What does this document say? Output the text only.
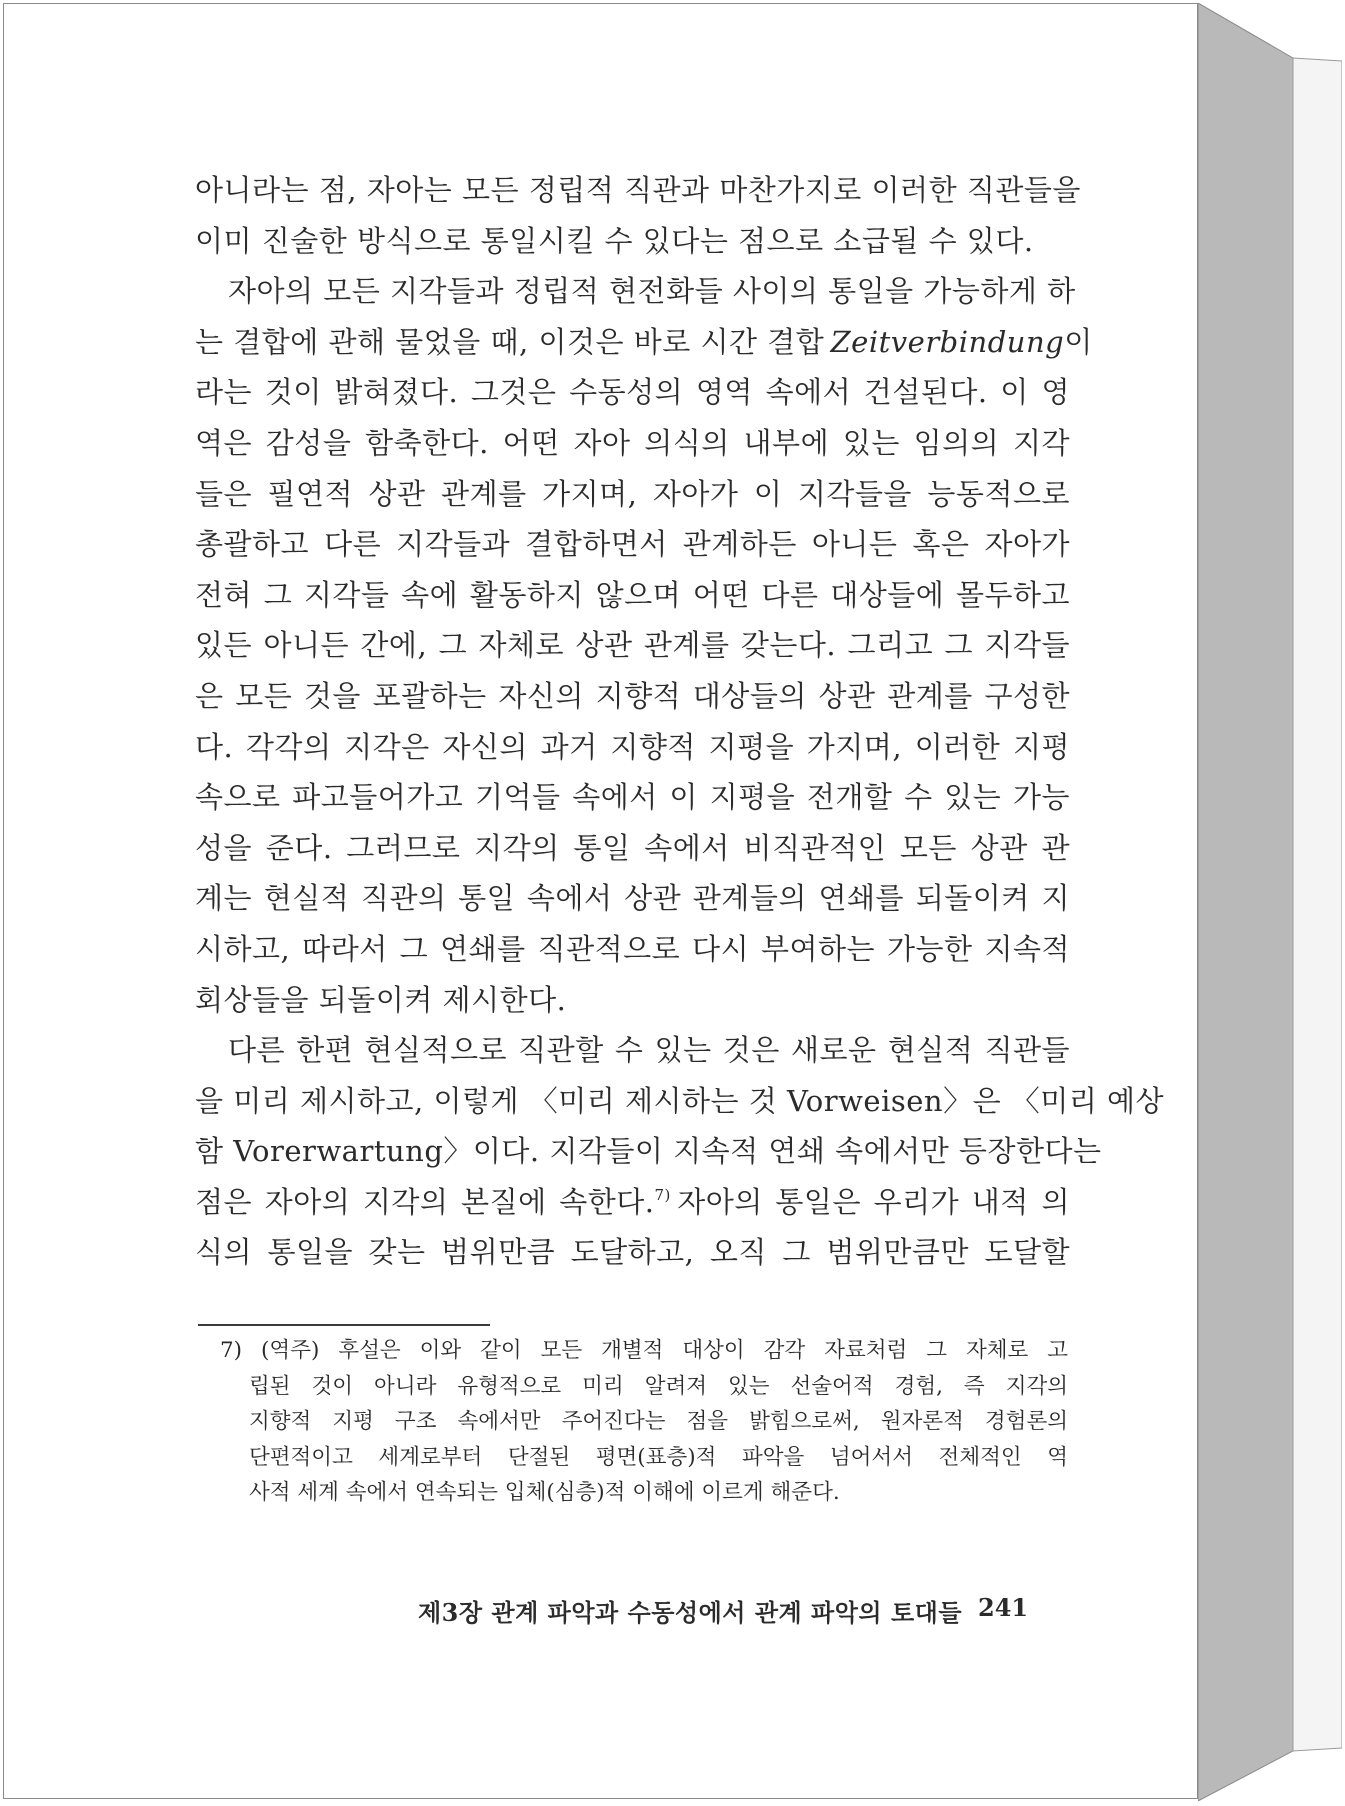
아니라는 점, 자아는 모든 정립적 직관과 마찬가지로 이러한 직관들을
이미 진술한 방식으로 통일시킬 수 있다는 점으로 소급될 수 있다.
자아의 모든 지각들과 정립적 현전화들 사이의 통일을 가능하게 하
는 결합에 관해 물었을 때, 이것은 바로 시간 결합  Zeitverbindung이
라는 것이 밝혀졌다. 그것은 수동성의 영역 속에서 건설된다. 이 영
역은 감성을 함축한다. 어떤 자아 의식의 내부에 있는 임의의 지각
들은 필연적 상관 관계를 가지며, 자아가 이 지각들을 능동적으로
총괄하고 다른 지각들과 결합하면서 관계하든 아니든 혹은 자아가
전혀 그 지각들 속에 활동하지 않으며 어떤 다른 대상들에 몰두하고
있든 아니든 간에, 그 자체로 상관 관계를 갖는다. 그리고 그 지각들
은 모든 것을 포괄하는 자신의 지향적 대상들의 상관 관계를 구성한
다. 각각의 지각은 자신의 과거 지향적 지평을 가지며, 이러한 지평
속으로 파고들어가고 기억들 속에서 이 지평을 전개할 수 있는 가능
성을 준다. 그러므로 지각의 통일 속에서 비직관적인 모든 상관 관
계는 현실적 직관의 통일 속에서 상관 관계들의 연쇄를 되돌이켜 지
시하고, 따라서 그 연쇄를 직관적으로 다시 부여하는 가능한 지속적
회상들을 되돌이켜 제시한다.
다른 한편 현실적으로 직관할 수 있는 것은 새로운 현실적 직관들
을 미리 제시하고, 이렇게 〈미리 제시하는 것 Vorweisen〉은 〈미리 예상
함 Vorerwartung〉이다. 지각들이 지속적 연쇄 속에서만 등장한다는
점은 자아의 지각의 본질에 속한다.$^{7)}$  자아의 통일은 우리가 내적 의
식의 통일을 갖는 범위만큼 도달하고, 오직 그 범위만큼만 도달할
7) (역주) 후설은 이와 같이 모든 개별적 대상이 감각 자료처럼 그 자체로 고
립된 것이 아니라 유형적으로 미리 알려져 있는 선술어적 경험, 즉 지각의
지향적 지평 구조 속에서만 주어진다는 점을 밝힘으로써, 원자론적 경험론의
단편적이고 세계로부터 단절된 평면(표층)적 파악을 넘어서서 전체적인 역
사적 세계 속에서 연속되는 입체(심층)적 이해에 이르게 해준다.
제3장 관계 파악과 수동성에서 관계 파악의 토대들 241
